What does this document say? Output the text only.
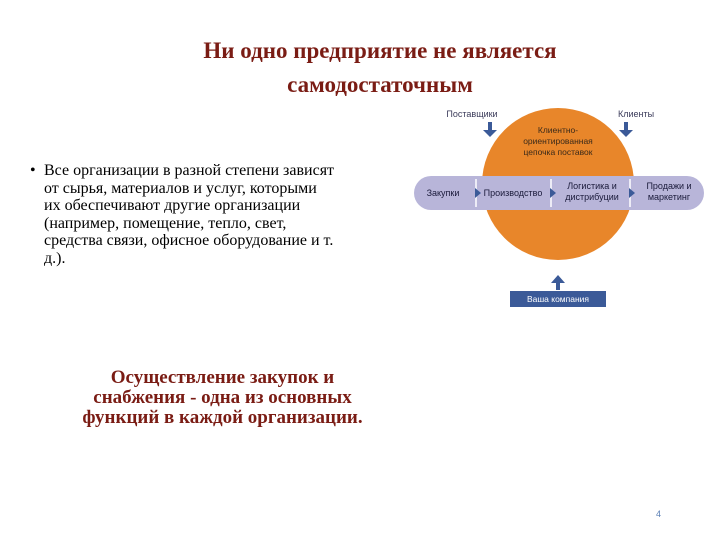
Ни одно предприятие не является
самодостаточным
• Все организации в разной степени зависят
от сырья, материалов и услуг, которыми
их обеспечивают другие организации
(например, помещение, тепло, свет,
средства связи, офисное оборудование и т.
д.).
Осуществление закупок и
снабжения - одна из основных
функций в каждой организации.
Поставщики	Клиенты
Клиентно-
ориентированная
цепочка поставок
Закупки	Производство
Логистика и
дистрибуции
Продажи и
маркетинг
Ваша компания
4
